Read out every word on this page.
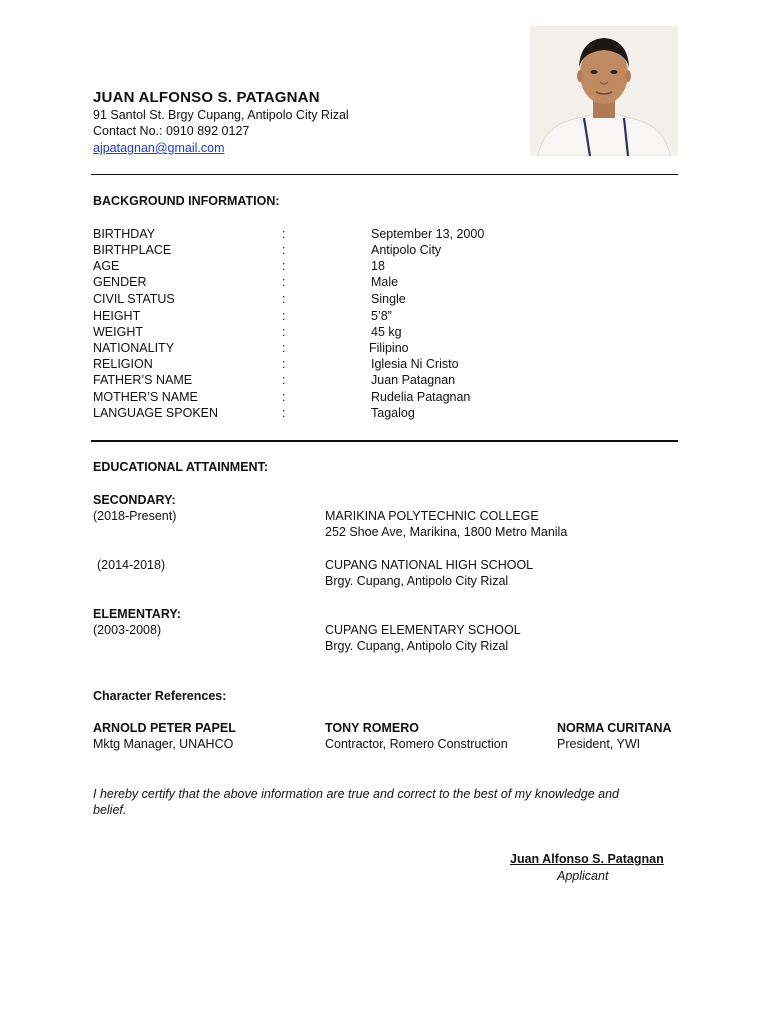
JUAN ALFONSO S. PATAGNAN
91 Santol St. Brgy Cupang, Antipolo City Rizal
Contact No.: 0910 892 0127
ajpatagnan@gmail.com
BACKGROUND INFORMATION:
BIRTHDAY	:	September 13, 2000
BIRTHPLACE	:	Antipolo City
AGE	:	18
GENDER	:	Male
CIVIL STATUS	:	Single
HEIGHT	:	5’8”
WEIGHT	:	45 kg
NATIONALITY	:	Filipino
RELIGION	:	Iglesia Ni Cristo
FATHER’S NAME	:	Juan Patagnan
MOTHER’S NAME	:	Rudelia Patagnan
LANGUAGE SPOKEN	:	Tagalog
EDUCATIONAL ATTAINMENT:
SECONDARY:
(2018-Present)	MARIKINA POLYTECHNIC COLLEGE
252 Shoe Ave, Marikina, 1800 Metro Manila
(2014-2018)	CUPANG NATIONAL HIGH SCHOOL
Brgy. Cupang, Antipolo City Rizal
ELEMENTARY:
(2003-2008)	CUPANG ELEMENTARY SCHOOL
Brgy. Cupang, Antipolo City Rizal
Character References:
ARNOLD PETER PAPEL
Mktg Manager, UNAHCO
TONY ROMERO
Contractor, Romero Construction
NORMA CURITANA
President, YWI
I hereby certify that the above information are true and correct to the best of my knowledge and
belief.
Juan Alfonso S. Patagnan
Applicant
